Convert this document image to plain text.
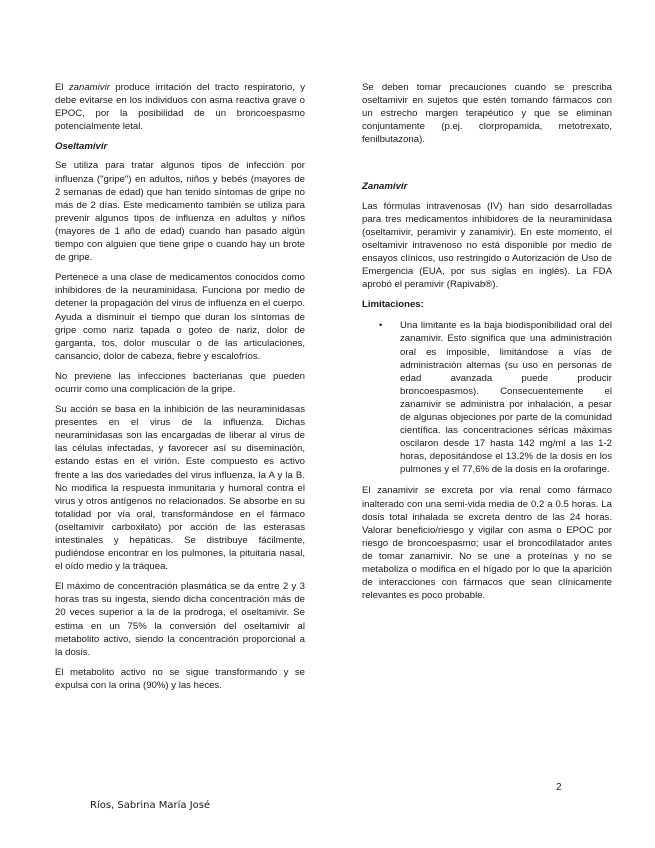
El zanamivir produce irritación del tracto respiratorio, y debe evitarse en los individuos con asma reactiva grave o EPOC, por la posibilidad de un broncoespasmo potencialmente letal.

Oseltamivir

Se utiliza para tratar algunos tipos de infección por influenza ("gripe") en adultos, niños y bebés (mayores de 2 semanas de edad) que han tenido síntomas de gripe no más de 2 días. Este medicamento también se utiliza para prevenir algunos tipos de influenza en adultos y niños (mayores de 1 año de edad) cuando han pasado algún tiempo con alguien que tiene gripe o cuando hay un brote de gripe.

Pertenece a una clase de medicamentos conocidos como inhibidores de la neuraminidasa. Funciona por medio de detener la propagación del virus de influenza en el cuerpo. Ayuda a disminuir el tiempo que duran los síntomas de gripe como nariz tapada o goteo de nariz, dolor de garganta, tos, dolor muscular o de las articulaciones, cansancio, dolor de cabeza, fiebre y escalofríos.

No previene las infecciones bacterianas que pueden ocurrir como una complicación de la gripe.

Su acción se basa en la inhibición de las neuraminidasas presentes en el virus de la influenza. Dichas neuraminidasas son las encargadas de liberar al virus de las células infectadas, y favorecer así su diseminación, estando éstas en el virión. Este compuesto es activo frente a las dos variedades del virus influenza, la A y la B. No modifica la respuesta inmunitaria y humoral contra el virus y otros antígenos no relacionados. Se absorbe en su totalidad por vía oral, transformándose en el fármaco (oseltamivir carboxilato) por acción de las esterasas intestinales y hepáticas. Se distribuye fácilmente, pudiéndose encontrar en los pulmones, la pituitaria nasal, el oído medio y la tráquea.

El máximo de concentración plasmática se da entre 2 y 3 horas tras su ingesta, siendo dicha concentración más de 20 veces superior a la de la prodroga, el oseltamivir. Se estima en un 75% la conversión del oseltamivir al metabolito activo, siendo la concentración proporcional a la dosis.

El metabolito activo no se sigue transformando y se expulsa con la orina (90%) y las heces.

Se deben tomar precauciones cuando se prescriba oseltamivir en sujetos que estén tomando fármacos con un estrecho margen terapéutico y que se eliminan conjuntamente (p.ej. clorpropamida, metotrexato, fenilbutazona).

Zanamivir

Las fórmulas intravenosas (IV) han sido desarrolladas para tres medicamentos inhibidores de la neuraminidasa (oseltamivir, peramivir y zanamivir). En este momento, el oseltamivir intravenoso no está disponible por medio de ensayos clínicos, uso restringido o Autorización de Uso de Emergencia (EUA, por sus siglas en inglés). La FDA aprobó el peramivir (Rapivab®).

Limitaciones:
• Una limitante es la baja biodisponibilidad oral del zanamivir. Esto significa que una administración oral es imposible, limitándose a vías de administración alternas (su uso en personas de edad avanzada puede producir broncoespasmos). Consecuentemente el zanamivir se administra por inhalación, a pesar de algunas objeciones por parte de la comunidad científica. las concentraciones séricas máximas oscilaron desde 17 hasta 142 mg/ml a las 1-2 horas, depositándose el 13.2% de la dosis en los pulmones y el 77,6% de la dosis en la orofaringe.

El zanamivir se excreta por vía renal como fármaco inalterado con una semi-vida media de 0.2 a 0.5 horas. La dosis total inhalada se excreta dentro de las 24 horas. Valorar beneficio/riesgo y vigilar con asma o EPOC por riesgo de broncoespasmo; usar el broncodilatador antes de tomar zanamivir. No se une a proteínas y no se metaboliza o modifica en el hígado por lo que la aparición de interacciones con fármacos que sean clínicamente relevantes es poco probable.

2
Ríos, Sabrina María José
